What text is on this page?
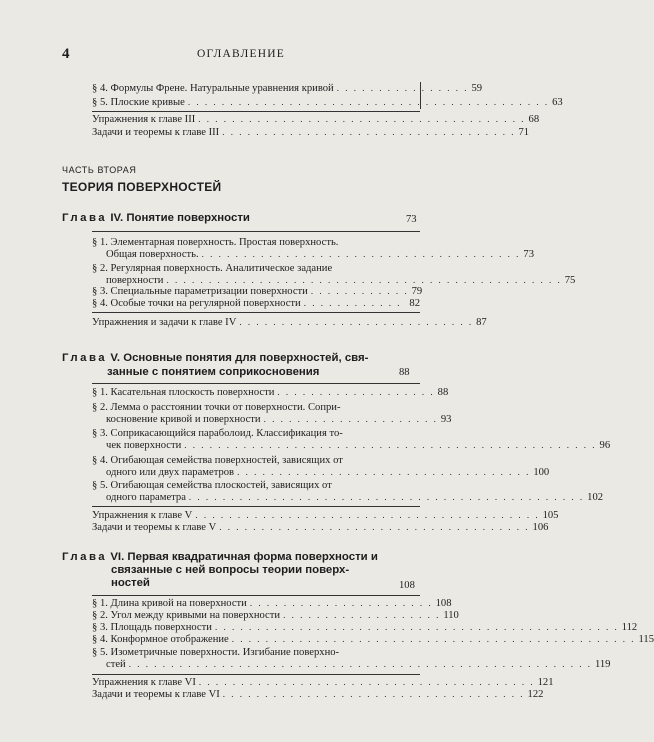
4	ОГЛАВЛЕНИЕ
§ 4. Формулы Френе. Натуральные уравнения кривой . . . . . . . . . . . . . . . . 59
§ 5. Плоские кривые . . . . . . . . . . . . . . . . . . . . . . . . . . . . . . . . . . . . . . . . . . . 63
Упражнения к главе III . . . . . . . . . . . . . . . . . . . . . . . . . . . . . . . . . . . . . . . 68
Задачи и теоремы к главе III . . . . . . . . . . . . . . . . . . . . . . . . . . . . . . . . . . . 71
ЧАСТЬ ВТОРАЯ
ТЕОРИЯ ПОВЕРХНОСТЕЙ
Глава IV. Понятие поверхности	73
§ 1. Элементарная поверхность. Простая поверхность.
Общая поверхность. . . . . . . . . . . . . . . . . . . . . . . . . . . . . . . . . . . . . . . 73
§ 2. Регулярная поверхность. Аналитическое задание
поверхности . . . . . . . . . . . . . . . . . . . . . . . . . . . . . . . . . . . . . . . . . . . . . . . 75
§ 3. Специальные параметризации поверхности . . . . . . . . . . . . 79
§ 4. Особые точки на регулярной поверхности . . . . . . . . . . . . 82
Упражнения и задачи к главе IV . . . . . . . . . . . . . . . . . . . . . . . . . . . . 87
Глава V. Основные понятия для поверхностей, свя-
занные с понятием соприкосновения	88
§ 1. Касательная плоскость поверхности . . . . . . . . . . . . . . . . . . . 88
§ 2. Лемма о расстоянии точки от поверхности. Сопри-
косновение кривой и поверхности . . . . . . . . . . . . . . . . . . . . . 93
§ 3. Соприкасающийся параболоид. Классификация то-
чек поверхности . . . . . . . . . . . . . . . . . . . . . . . . . . . . . . . . . . . . . . . . . . . . . . . . . 96
§ 4. Огибающая семейства поверхностей, зависящих от
одного или двух параметров . . . . . . . . . . . . . . . . . . . . . . . . . . . . . . . . . . . 100
§ 5. Огибающая семейства плоскостей, зависящих от
одного параметра . . . . . . . . . . . . . . . . . . . . . . . . . . . . . . . . . . . . . . . . . . . . . . . 102
Упражнения к главе V . . . . . . . . . . . . . . . . . . . . . . . . . . . . . . . . . . . . . . . . . 105
Задачи и теоремы к главе V . . . . . . . . . . . . . . . . . . . . . . . . . . . . . . . . . . . . . 106
Глава VI. Первая квадратичная форма поверхности и
связанные с ней вопросы теории поверх-
ностей	108
§ 1. Длина кривой на поверхности . . . . . . . . . . . . . . . . . . . . . . 108
§ 2. Угол между кривыми на поверхности . . . . . . . . . . . . . . . . . . . 110
§ 3. Площадь поверхности . . . . . . . . . . . . . . . . . . . . . . . . . . . . . . . . . . . . . . . . . . . . . . . . 112
§ 4. Конформное отображение . . . . . . . . . . . . . . . . . . . . . . . . . . . . . . . . . . . . . . . . . . . . . . . . 115
§ 5. Изометричные поверхности. Изгибание поверхно-
стей . . . . . . . . . . . . . . . . . . . . . . . . . . . . . . . . . . . . . . . . . . . . . . . . . . . . . . . 119
Упражнения к главе VI . . . . . . . . . . . . . . . . . . . . . . . . . . . . . . . . . . . . . . . . 121
Задачи и теоремы к главе VI . . . . . . . . . . . . . . . . . . . . . . . . . . . . . . . . . . . . 122
